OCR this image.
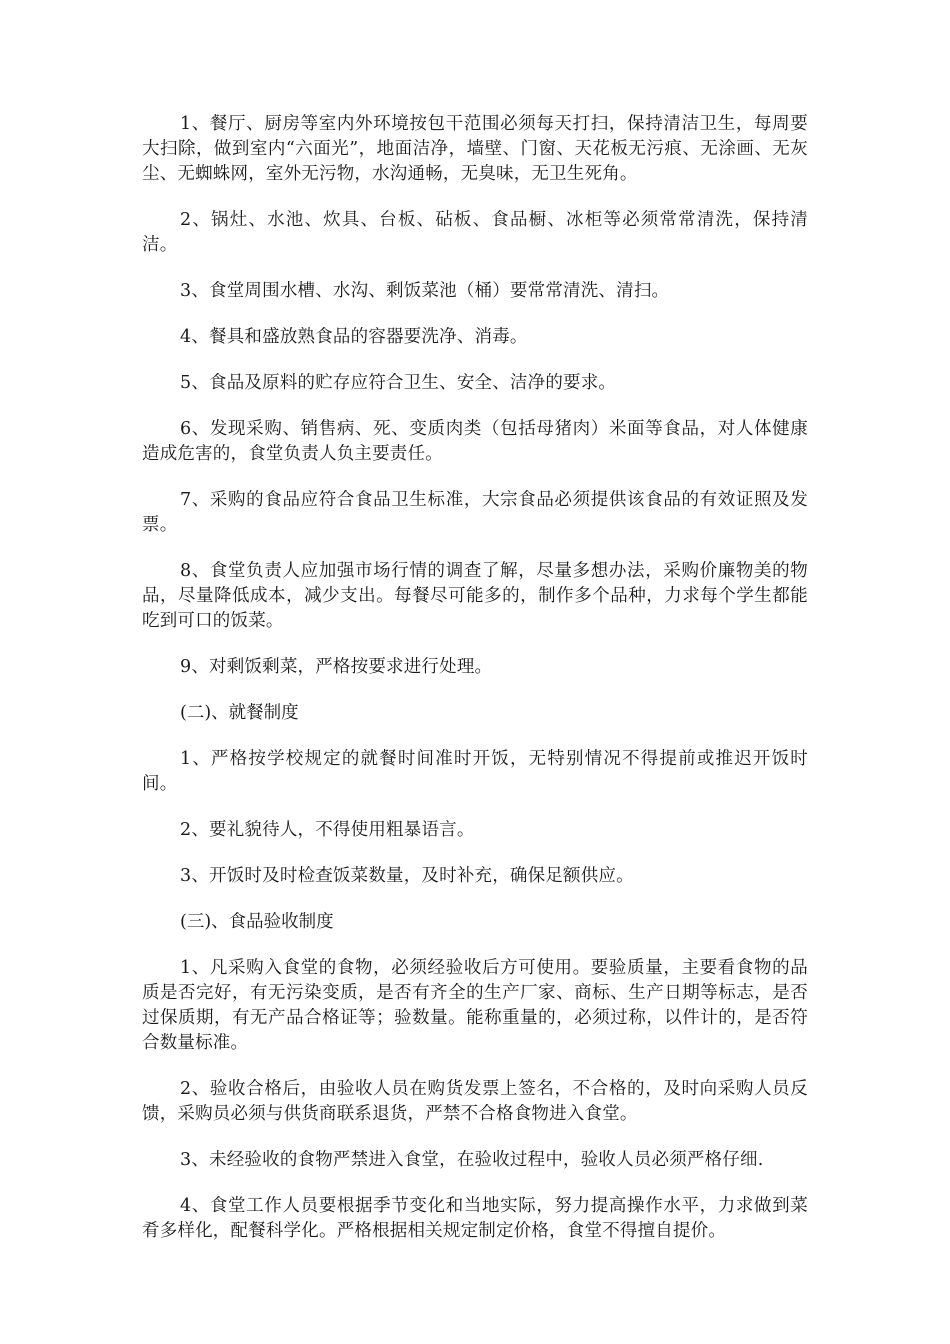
1、餐厅、厨房等室内外环境按包干范围必须每天打扫，保持清洁卫生，每周要大扫除，做到室内“六面光”，地面洁净，墙壁、门窗、天花板无污痕、无涂画、无灰尘、无蜘蛛网，室外无污物，水沟通畅，无臭味，无卫生死角。

2、锅灶、水池、炊具、台板、砧板、食品橱、冰柜等必须常常清洗，保持清洁。

3、食堂周围水槽、水沟、剩饭菜池（桶）要常常清洗、清扫。

4、餐具和盛放熟食品的容器要洗净、消毒。

5、食品及原料的贮存应符合卫生、安全、洁净的要求。

6、发现采购、销售病、死、变质肉类（包括母猪肉）米面等食品，对人体健康造成危害的，食堂负责人负主要责任。

7、采购的食品应符合食品卫生标准，大宗食品必须提供该食品的有效证照及发票。

8、食堂负责人应加强市场行情的调查了解，尽量多想办法，采购价廉物美的物品，尽量降低成本，减少支出。每餐尽可能多的，制作多个品种，力求每个学生都能吃到可口的饭菜。

9、对剩饭剩菜，严格按要求进行处理。

(二)、就餐制度

1、严格按学校规定的就餐时间准时开饭，无特别情况不得提前或推迟开饭时间。

2、要礼貌待人，不得使用粗暴语言。

3、开饭时及时检查饭菜数量，及时补充，确保足额供应。

(三)、食品验收制度

1、凡采购入食堂的食物，必须经验收后方可使用。要验质量，主要看食物的品质是否完好，有无污染变质，是否有齐全的生产厂家、商标、生产日期等标志，是否过保质期，有无产品合格证等；验数量。能称重量的，必须过称，以件计的，是否符合数量标准。

2、验收合格后，由验收人员在购货发票上签名，不合格的，及时向采购人员反馈，采购员必须与供货商联系退货，严禁不合格食物进入食堂。

3、未经验收的食物严禁进入食堂，在验收过程中，验收人员必须严格仔细.

4、食堂工作人员要根据季节变化和当地实际，努力提高操作水平，力求做到菜肴多样化，配餐科学化。严格根据相关规定制定价格，食堂不得擅自提价。
